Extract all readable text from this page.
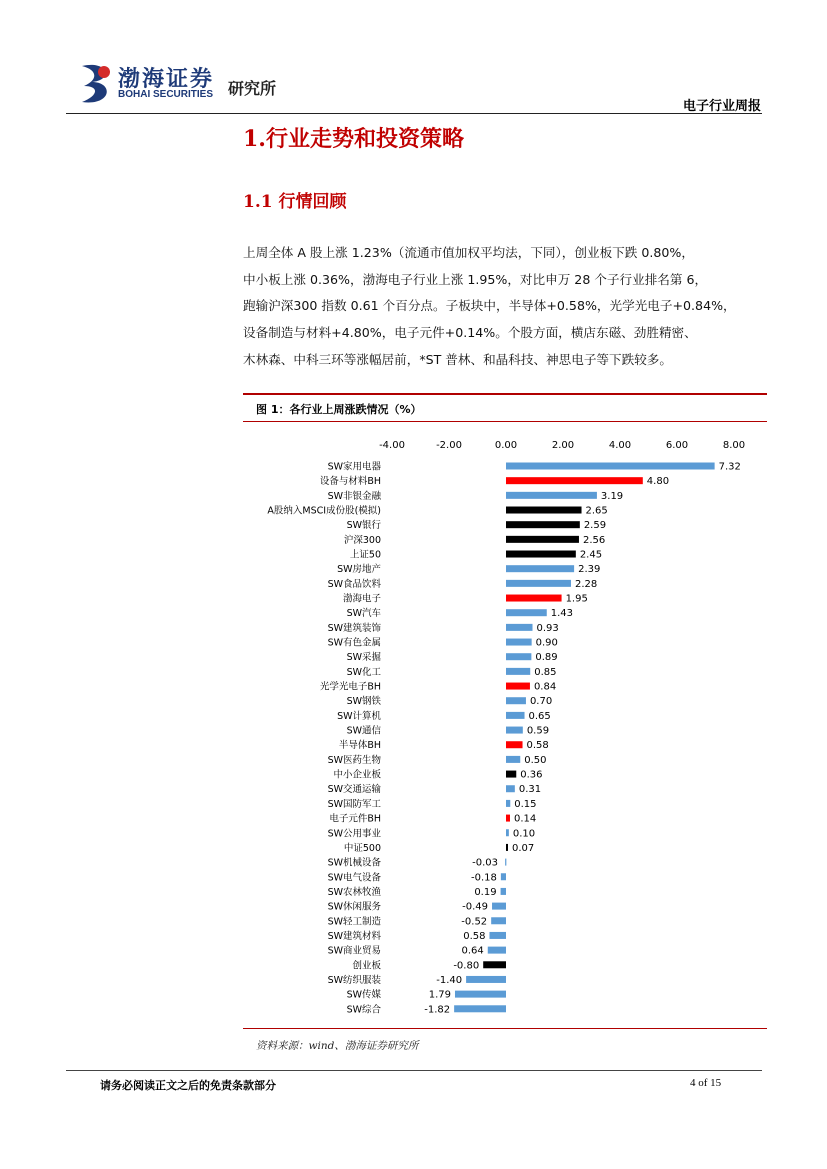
渤海证券
BOHAI SECURITIES 研究所
电子行业周报
1.行业走势和投资策略
1.1 行情回顾
上周全体 A 股上涨 1.23%（流通市值加权平均法，下同），创业板下跌 0.80%，
中小板上涨 0.36%，渤海电子行业上涨 1.95%，对比申万 28 个子行业排名第 6，
跑输沪深300 指数 0.61 个百分点。子板块中，半导体+0.58%，光学光电子+0.84%，
设备制造与材料+4.80%，电子元件+0.14%。个股方面，横店东磁、劲胜精密、
木林森、中科三环等涨幅居前，*ST 普林、和晶科技、神思电子等下跌较多。
图 1：各行业上周涨跌情况（%）
-4.00	-2.00	0.00	2.00	4.00	6.00	8.00
SW家用电器	7.32
设备与材料BH	4.80
SW非银金融	3.19
A股纳入MSCI成份股(模拟)	2.65
SW银行	2.59
沪深300	2.56
上证50	2.45
SW房地产	2.39
SW食品饮料	2.28
渤海电子	1.95
SW汽车	1.43
SW建筑装饰	0.93
SW有色金属	0.90
SW采掘	0.89
SW化工	0.85
光学光电子BH	0.84
SW钢铁	0.70
SW计算机	0.65
SW通信	0.59
半导体BH	0.58
SW医药生物	0.50
中小企业板	0.36
SW交通运输	0.31
SW国防军工	0.15
电子元件BH	0.14
SW公用事业	0.10
中证500	0.07
SW机械设备	-0.03
SW电气设备	-0.18
SW农林牧渔	0.19
SW休闲服务	-0.49
SW轻工制造	-0.52
SW建筑材料	0.58
SW商业贸易	0.64
创业板	-0.80
SW纺织服装	-1.40
SW传媒	1.79
SW综合	-1.82
资料来源：wind、渤海证券研究所
请务必阅读正文之后的免责条款部分	4 of 15
